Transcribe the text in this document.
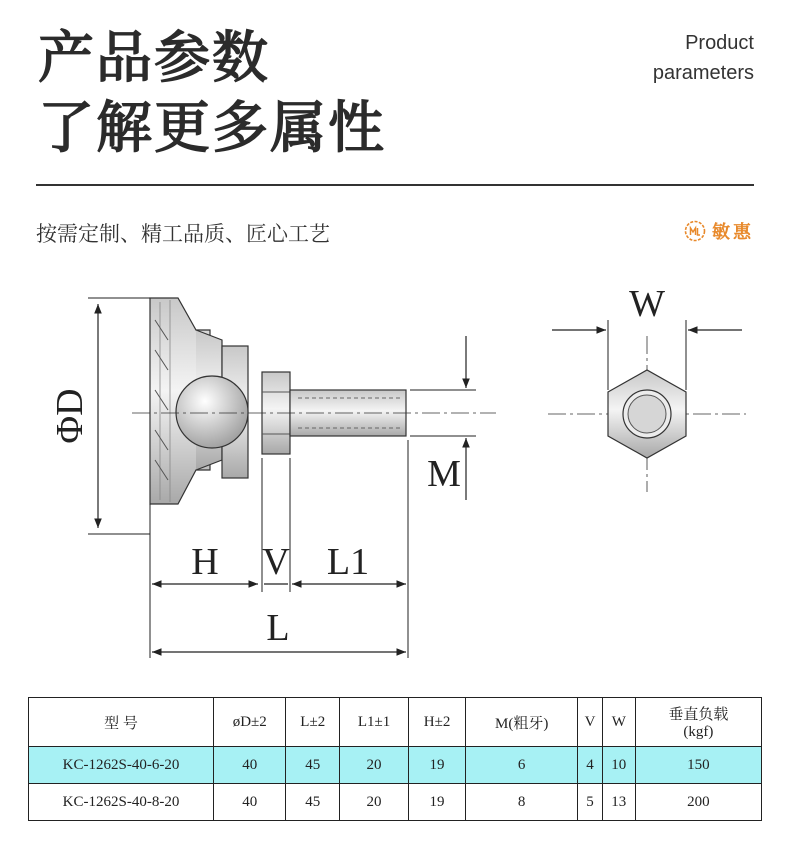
产品参数
了解更多属性
Product
parameters
按需定制、精工品质、匠心工艺	敏惠
ΦD
H V L1
L
M
W
型 号	øD±2	L±2	L1±1	H±2	M(粗牙)	V	W	垂直负载
(kgf)

KC-1262S-40-6-20	40	45	20	19	6	4	10	150
KC-1262S-40-8-20	40	45	20	19	8	5	13	200
